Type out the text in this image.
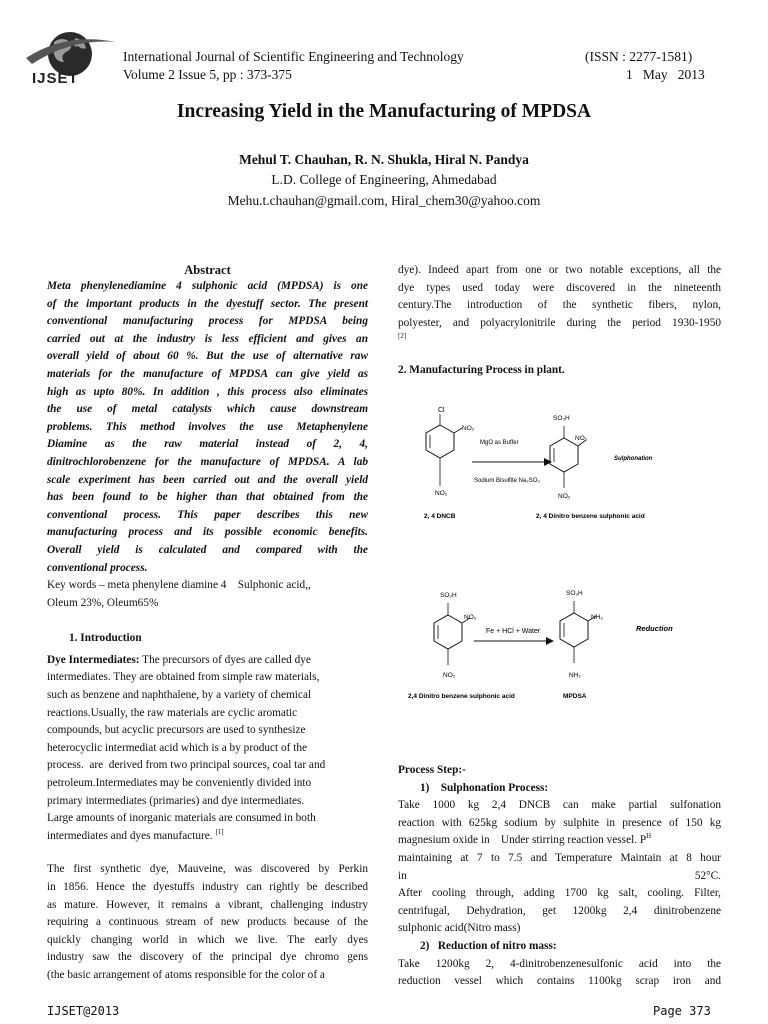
IJSET
International Journal of Scientific Engineering and Technology
Volume 2 Issue 5, pp : 373-375
(ISSN : 2277-1581)
1   May   2013
Increasing Yield in the Manufacturing of MPDSA
Mehul T. Chauhan, R. N. Shukla, Hiral N. Pandya
L.D. College of Engineering, Ahmedabad
Mehu.t.chauhan@gmail.com, Hiral_chem30@yahoo.com
Abstract
Meta phenylenediamine 4 sulphonic acid (MPDSA) is one
of the important products in the dyestuff sector. The present
conventional manufacturing process for MPDSA being
carried out at the industry is less efficient and gives an
overall yield of about 60 %. But the use of alternative raw
materials for the manufacture of MPDSA can give yield as
high as upto 80%. In addition , this process also eliminates
the use of metal catalysts which cause downstream
problems. This method involves the use Metaphenylene
Diamine as the raw material instead of 2, 4,
dinitrochlorobenzene for the manufacture of MPDSA. A lab
scale experiment has been carried out and the overall yield
has been found to be higher than that obtained from the
conventional process. This paper describes this new
manufacturing process and its possible economic benefits.
Overall yield is calculated and compared with the
conventional process.
Key words – meta phenylene diamine 4    Sulphonic acid,,
Oleum 23%, Oleum65%
1. Introduction
Dye Intermediates: The precursors of dyes are called dye
intermediates. They are obtained from simple raw materials,
such as benzene and naphthalene, by a variety of chemical
reactions.Usually, the raw materials are cyclic aromatic
compounds, but acyclic precursors are used to synthesize
heterocyclic intermediat acid which is a by product of the
process.  are  derived from two principal sources, coal tar and
petroleum.Intermediates may be conveniently divided into
primary intermediates (primaries) and dye intermediates.
Large amounts of inorganic materials are consumed in both
intermediates and dyes manufacture. [1]
The first synthetic dye, Mauveine, was discovered by Perkin
in 1856. Hence the dyestuffs industry can rightly be described
as mature. However, it remains a vibrant, challenging industry
requiring a continuous stream of new products because of the
quickly changing world in which we live. The early dyes
industry saw the discovery of the principal dye chromo gens
(the basic arrangement of atoms responsible for the color of a
dye). Indeed apart from one or two notable exceptions, all the
dye types used today were discovered in the nineteenth
century.The introduction of the synthetic fibers, nylon,
polyester, and polyacrylonitrile during the period 1930-1950
[2]
2. Manufacturing Process in plant.
Cl
NO₂
NO₂
2, 4 DNCB
MgO as Buffer
Sodium Bisulfite Na₂SO₃
SO₃H
NO₂
NO₂
2, 4 Dinitro benzene sulphonic acid
Sulphonation
SO₃H
NO₂
NO₂
2,4 Dinitro benzene sulphonic acid
Fe + HCl + Water
SO₃H
NH₂
NH₂
MPDSA
Reduction
Process Step:-
1)    Sulphonation Process:
Take 1000 kg 2,4 DNCB can make partial sulfonation
reaction with 625kg sodium by sulphite in presence of 150 kg
magnesium oxide in    Under stirring reaction vessel. $P^H$
maintaining at 7 to 7.5 and Temperature Maintain at 8 hour
in 52°C.
After cooling through, adding 1700 kg salt, cooling. Filter,
centrifugal, Dehydration, get 1200kg 2,4 dinitrobenzene
sulphonic acid(Nitro mass)
2)   Reduction of nitro mass:
Take 1200kg 2, 4-dinitrobenzenesulfonic acid into the
reduction vessel which contains 1100kg scrap iron and
IJSET@2013	Page 373
